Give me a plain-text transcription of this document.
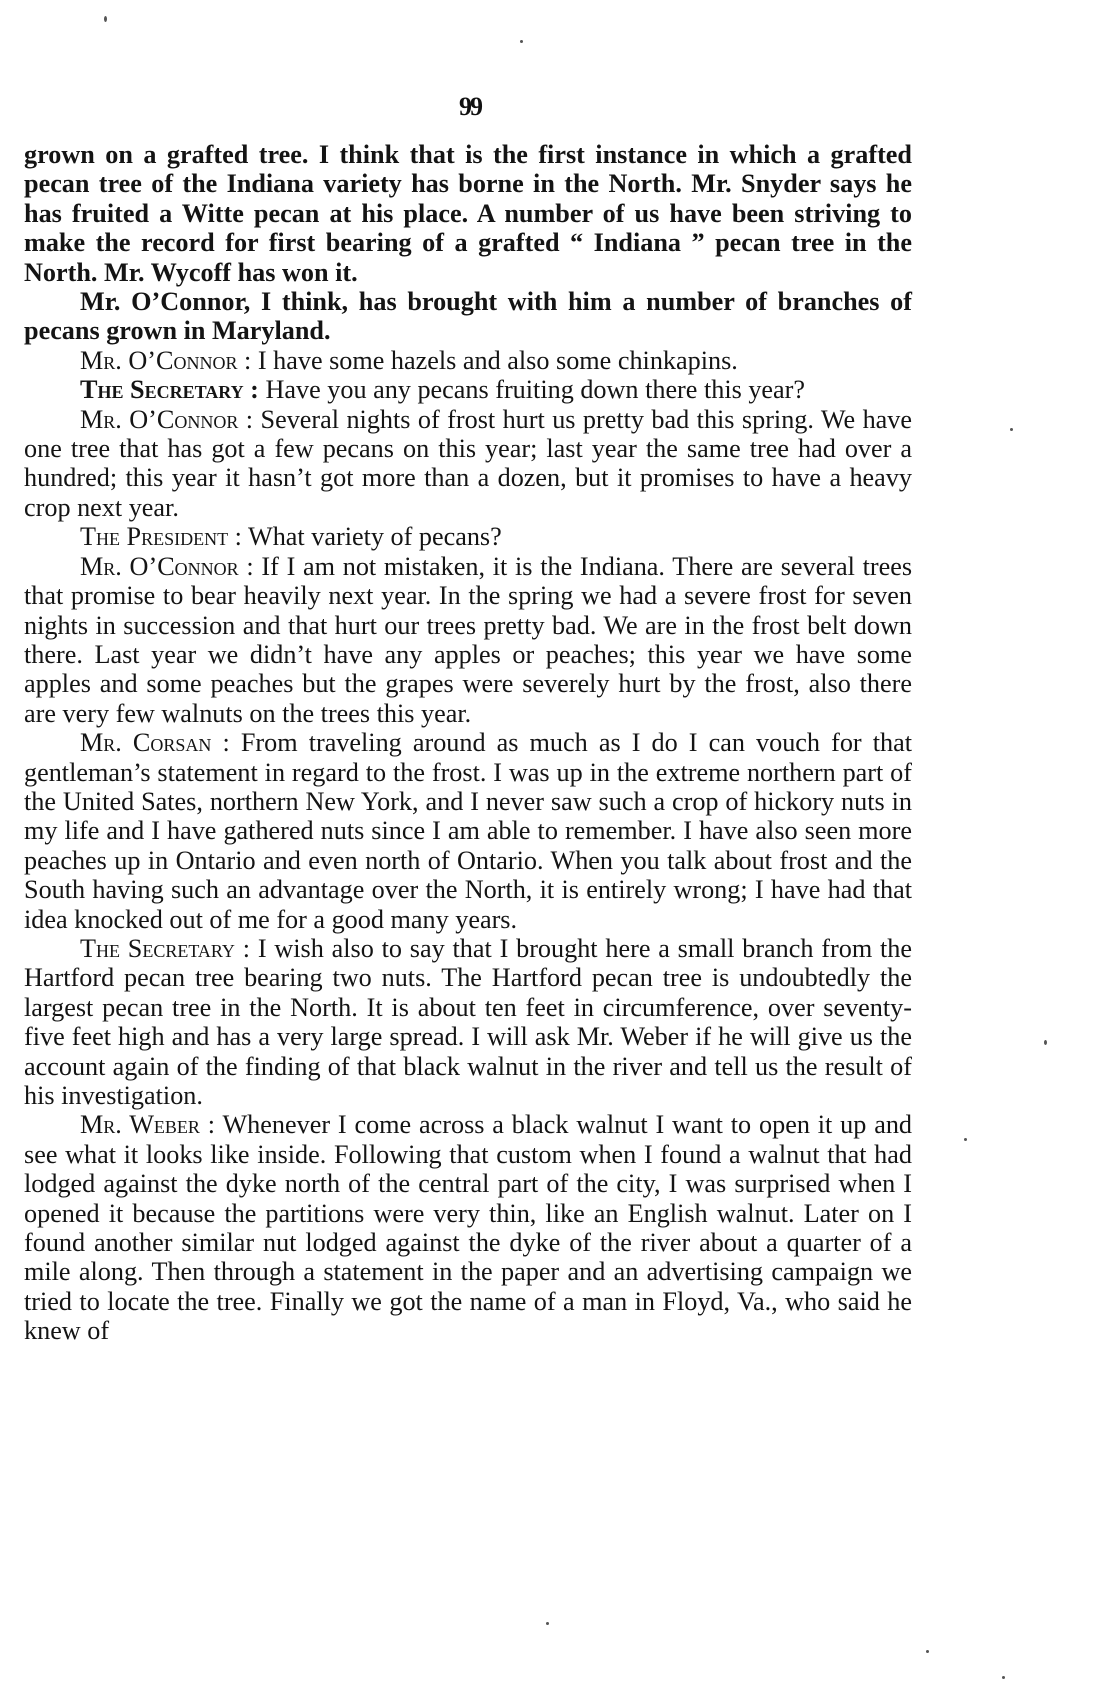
99

grown on a grafted tree. I think that is the first instance in which a grafted pecan tree of the Indiana variety has borne in the North. Mr. Snyder says he has fruited a Witte pecan at his place. A number of us have been striving to make the record for first bearing of a grafted “ Indiana ” pecan tree in the North. Mr. Wycoff has won it.

Mr. O’Connor, I think, has brought with him a number of branches of pecans grown in Maryland.

Mr. O’Connor : I have some hazels and also some chinkapins.

The Secretary : Have you any pecans fruiting down there this year?

Mr. O’Connor : Several nights of frost hurt us pretty bad this spring. We have one tree that has got a few pecans on this year; last year the same tree had over a hundred; this year it hasn’t got more than a dozen, but it promises to have a heavy crop next year.

The President : What variety of pecans?

Mr. O’Connor : If I am not mistaken, it is the Indiana. There are several trees that promise to bear heavily next year. In the spring we had a severe frost for seven nights in succession and that hurt our trees pretty bad. We are in the frost belt down there. Last year we didn’t have any apples or peaches; this year we have some apples and some peaches but the grapes were severely hurt by the frost, also there are very few walnuts on the trees this year.

Mr. Corsan : From traveling around as much as I do I can vouch for that gentleman’s statement in regard to the frost. I was up in the extreme northern part of the United Sates, northern New York, and I never saw such a crop of hickory nuts in my life and I have gathered nuts since I am able to remember. I have also seen more peaches up in Ontario and even north of Ontario. When you talk about frost and the South having such an advantage over the North, it is entirely wrong; I have had that idea knocked out of me for a good many years.

The Secretary : I wish also to say that I brought here a small branch from the Hartford pecan tree bearing two nuts. The Hartford pecan tree is undoubtedly the largest pecan tree in the North. It is about ten feet in circumference, over seventy-five feet high and has a very large spread. I will ask Mr. Weber if he will give us the account again of the finding of that black walnut in the river and tell us the result of his investigation.

Mr. Weber : Whenever I come across a black walnut I want to open it up and see what it looks like inside. Following that custom when I found a walnut that had lodged against the dyke north of the central part of the city, I was surprised when I opened it because the partitions were very thin, like an English walnut. Later on I found another similar nut lodged against the dyke of the river about a quarter of a mile along. Then through a statement in the paper and an advertising campaign we tried to locate the tree. Finally we got the name of a man in Floyd, Va., who said he knew of
